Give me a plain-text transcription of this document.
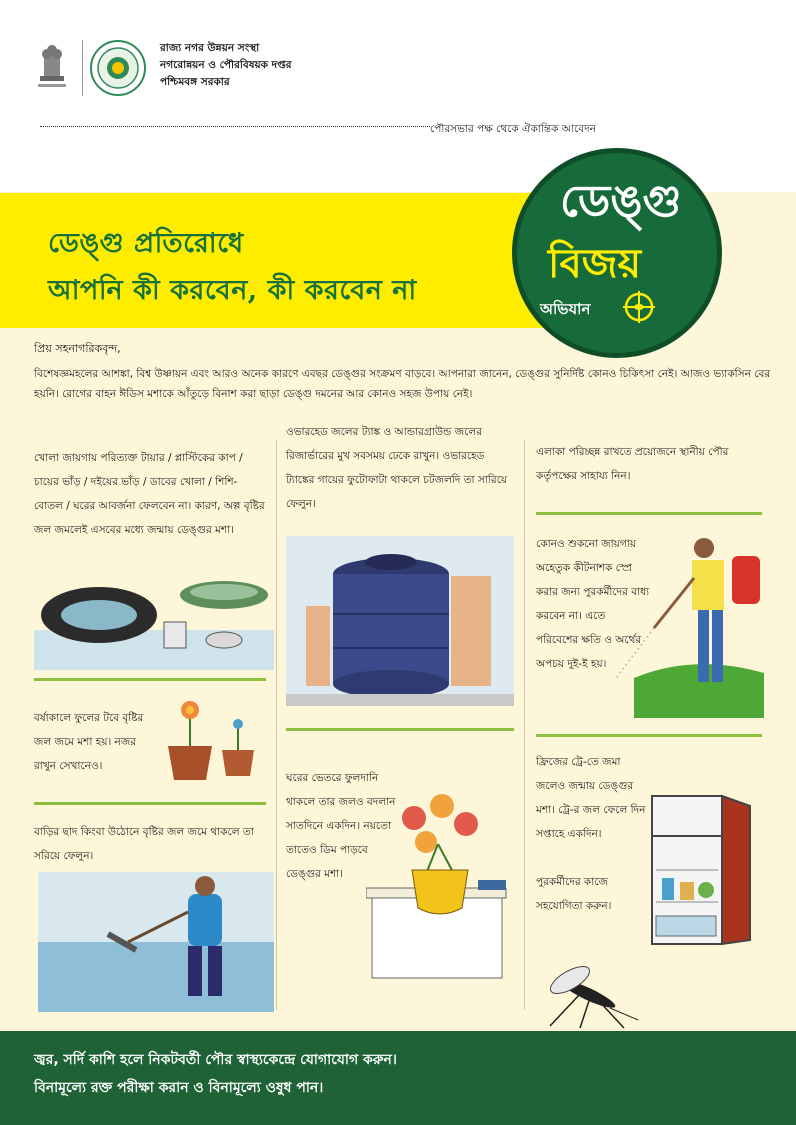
রাজ্য নগর উন্নয়ন সংস্থা
নগরোন্নয়ন ও পৌরবিষয়ক দপ্তর
পশ্চিমবঙ্গ সরকার
পৌরসভার পক্ষ থেকে ঐকান্তিক আবেদন
ডেঙ্গু প্রতিরোধে
আপনি কী করবেন, কী করবেন না
ডেঙ্গু
বিজয়
অভিযান
প্রিয় সহনাগরিকবৃন্দ,
বিশেষজ্ঞমহলের আশঙ্কা, বিশ্ব উষ্ণায়ন এবং আরও অনেক কারণে এবছর ডেঙ্গুর সংক্রমণ বাড়বে। আপনারা জানেন, ডেঙ্গুর সুনির্দিষ্ট কোনও চিকিৎসা নেই। আজও ভ্যাকসিন বের হয়নি। রোগের বাহন ঈডিস মশাকে আঁতুড়ে বিনাশ করা ছাড়া ডেঙ্গু দমনের আর কোনও সহজ উপায় নেই।
খোলা জায়গায় পরিত্যক্ত টায়ার / প্লাস্টিকের কাপ / চায়ের ভাঁড় / দইয়ের ভাঁড় / ডাবের খোলা / শিশি-বোতল / ঘরের আবর্জনা ফেলবেন না। কারণ, অল্প বৃষ্টির জল জমলেই এসবের মধ্যে জন্মায় ডেঙ্গুর মশা।
বর্ষাকালে ফুলের টবে বৃষ্টির জল জমে মশা হয়। নজর রাখুন সেখানেও।
বাড়ির ছাদ কিংবা উঠোনে বৃষ্টির জল জমে থাকলে তা সরিয়ে ফেলুন।
ওভারহেড জলের ট্যাঙ্ক ও আন্ডারগ্রাউন্ড জলের রিজার্ভারের মুখ সবসময় ঢেকে রাখুন। ওভারহেড ট্যাঙ্কের গায়ের ফুটোফাটা থাকলে চটজলদি তা সারিয়ে ফেলুন।
ঘরের ভেতরে ফুলদানি থাকলে তার জলও বদলান সাতদিনে একদিন। নয়তো তাতেও ডিম পাড়বে ডেঙ্গুর মশা।
এলাকা পরিচ্ছন্ন রাখতে প্রয়োজনে স্থানীয় পৌর কর্তৃপক্ষের সাহায্য নিন।
কোনও শুকনো জায়গায় অহেতুক কীটনাশক স্প্রে করার জন্য পুরকর্মীদের বাধ্য করবেন না। এতে পরিবেশের ক্ষতি ও অর্থের অপচয় দুই-ই হয়।
ফ্রিজের ট্রে-তে জমা জলেও জন্মায় ডেঙ্গুর মশা। ট্রে-র জল ফেলে দিন সপ্তাহে একদিন।
পুরকর্মীদের কাজে সহযোগিতা করুন।
জ্বর, সর্দি কাশি হলে নিকটবর্তী পৌর স্বাস্থ্যকেন্দ্রে যোগাযোগ করুন।
বিনামূল্যে রক্ত পরীক্ষা করান ও বিনামূল্যে ওষুধ পান।
